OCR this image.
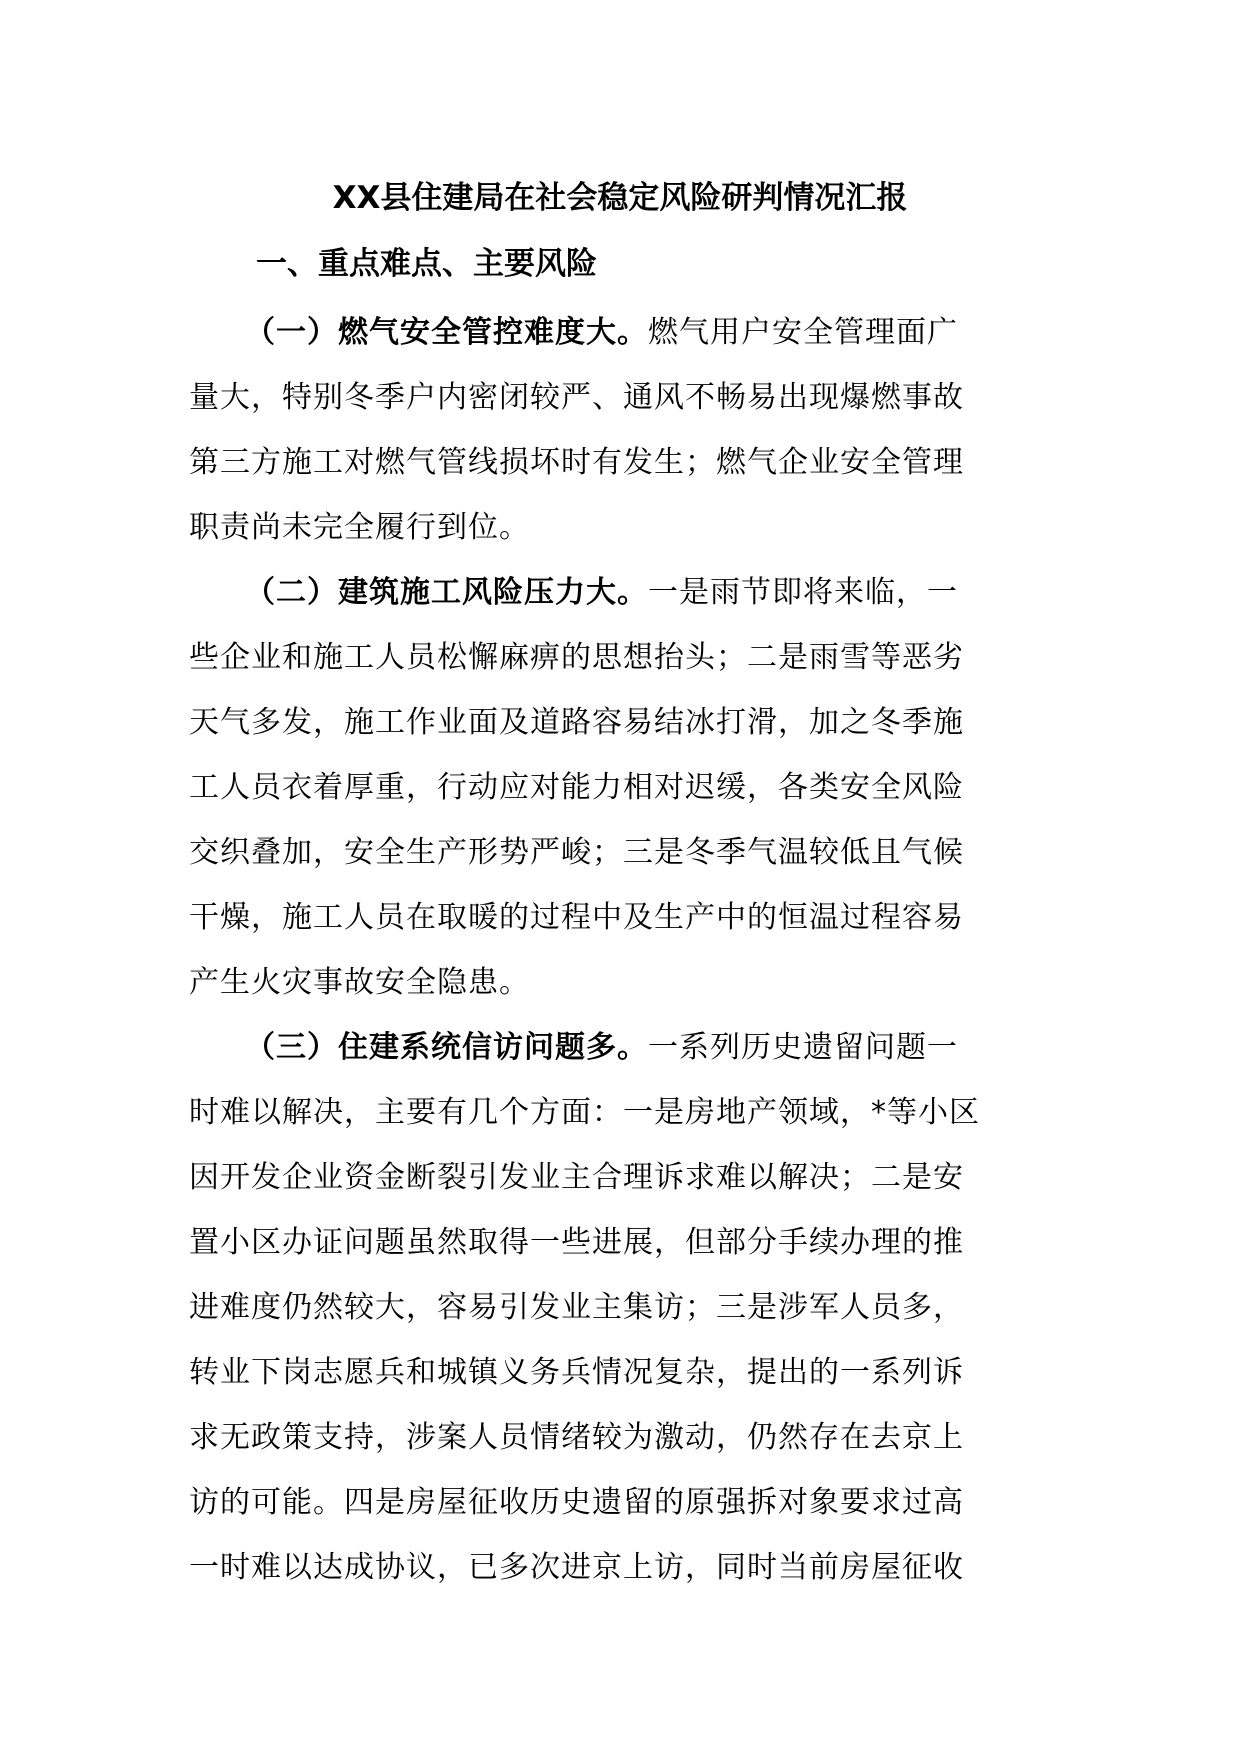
XX县住建局在社会稳定风险研判情况汇报
一、重点难点、主要风险
（一）燃气安全管控难度大。燃气用户安全管理面广
量大，特别冬季户内密闭较严、通风不畅易出现爆燃事故
第三方施工对燃气管线损坏时有发生；燃气企业安全管理
职责尚未完全履行到位。
（二）建筑施工风险压力大。一是雨节即将来临，一
些企业和施工人员松懈麻痹的思想抬头；二是雨雪等恶劣
天气多发，施工作业面及道路容易结冰打滑，加之冬季施
工人员衣着厚重，行动应对能力相对迟缓，各类安全风险
交织叠加，安全生产形势严峻；三是冬季气温较低且气候
干燥，施工人员在取暖的过程中及生产中的恒温过程容易
产生火灾事故安全隐患。
（三）住建系统信访问题多。一系列历史遗留问题一
时难以解决，主要有几个方面：一是房地产领域，*等小区
因开发企业资金断裂引发业主合理诉求难以解决；二是安
置小区办证问题虽然取得一些进展，但部分手续办理的推
进难度仍然较大，容易引发业主集访；三是涉军人员多，
转业下岗志愿兵和城镇义务兵情况复杂，提出的一系列诉
求无政策支持，涉案人员情绪较为激动，仍然存在去京上
访的可能。四是房屋征收历史遗留的原强拆对象要求过高
一时难以达成协议，已多次进京上访，同时当前房屋征收
